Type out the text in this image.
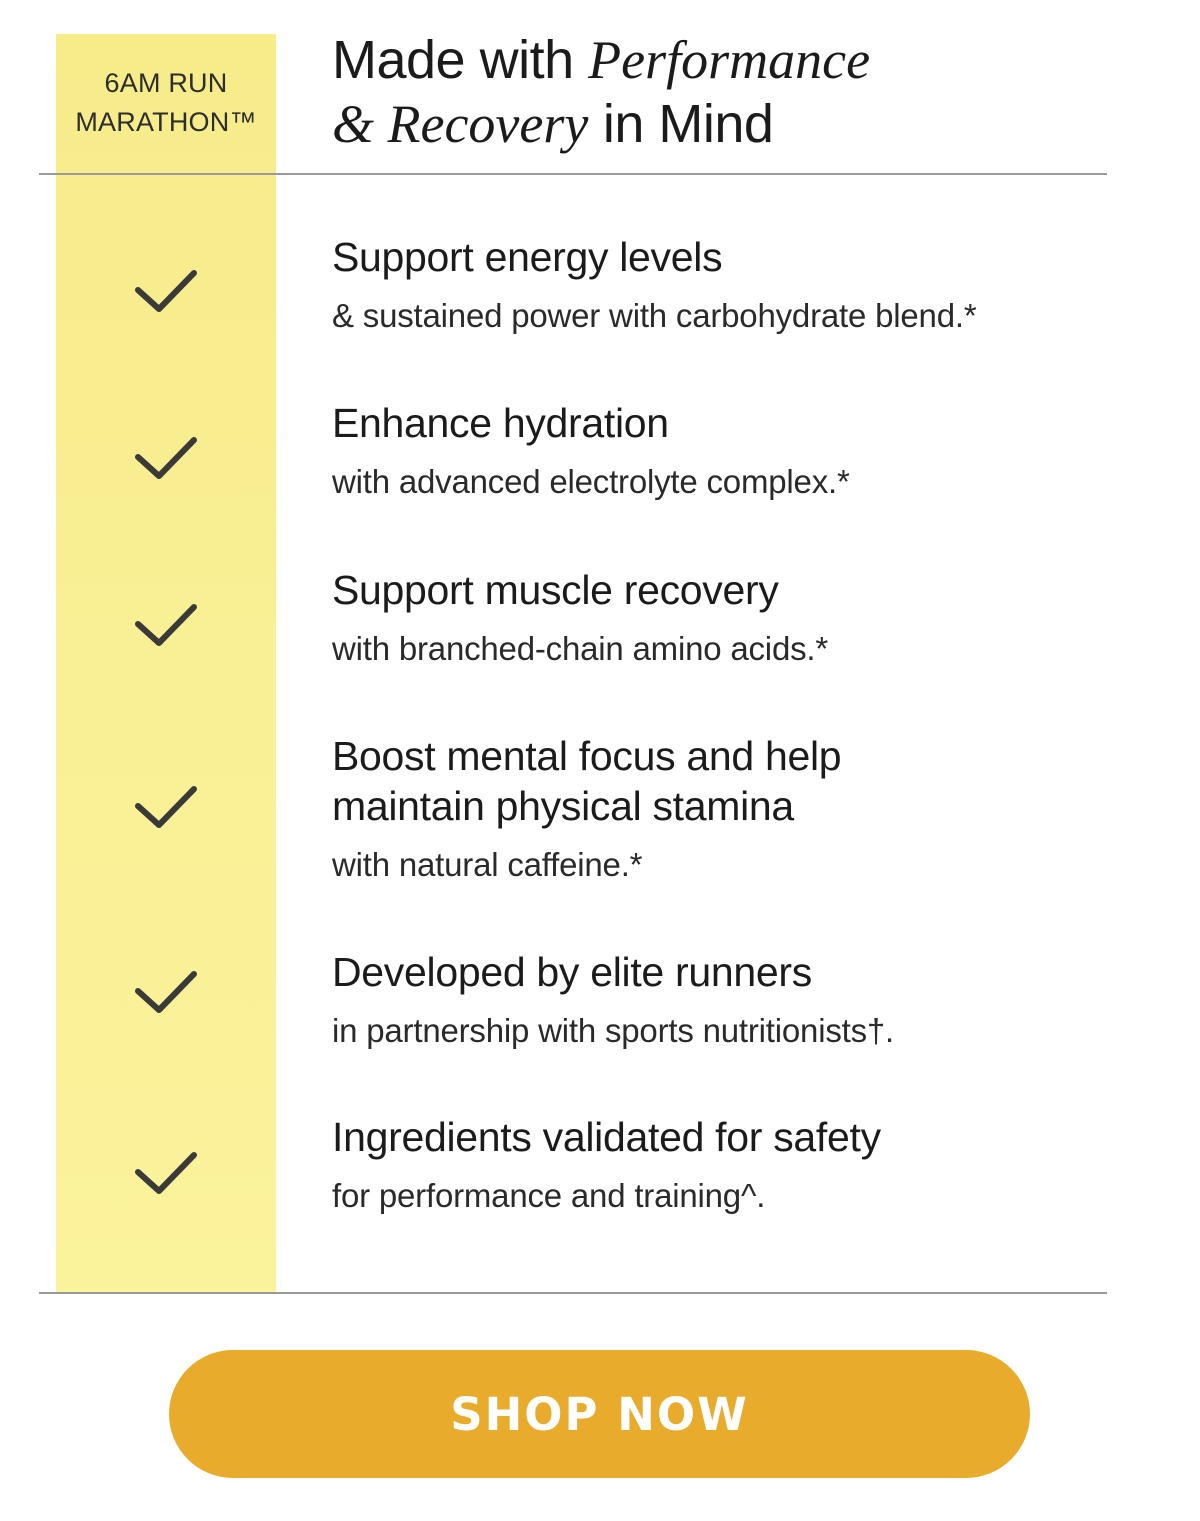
6AM RUN
MARATHON™
Made with Performance
& Recovery in Mind
Support energy levels
& sustained power with carbohydrate blend.*
Enhance hydration
with advanced electrolyte complex.*
Support muscle recovery
with branched-chain amino acids.*
Boost mental focus and help maintain physical stamina
with natural caffeine.*
Developed by elite runners
in partnership with sports nutritionists†.
Ingredients validated for safety
for performance and training^.
SHOP NOW
